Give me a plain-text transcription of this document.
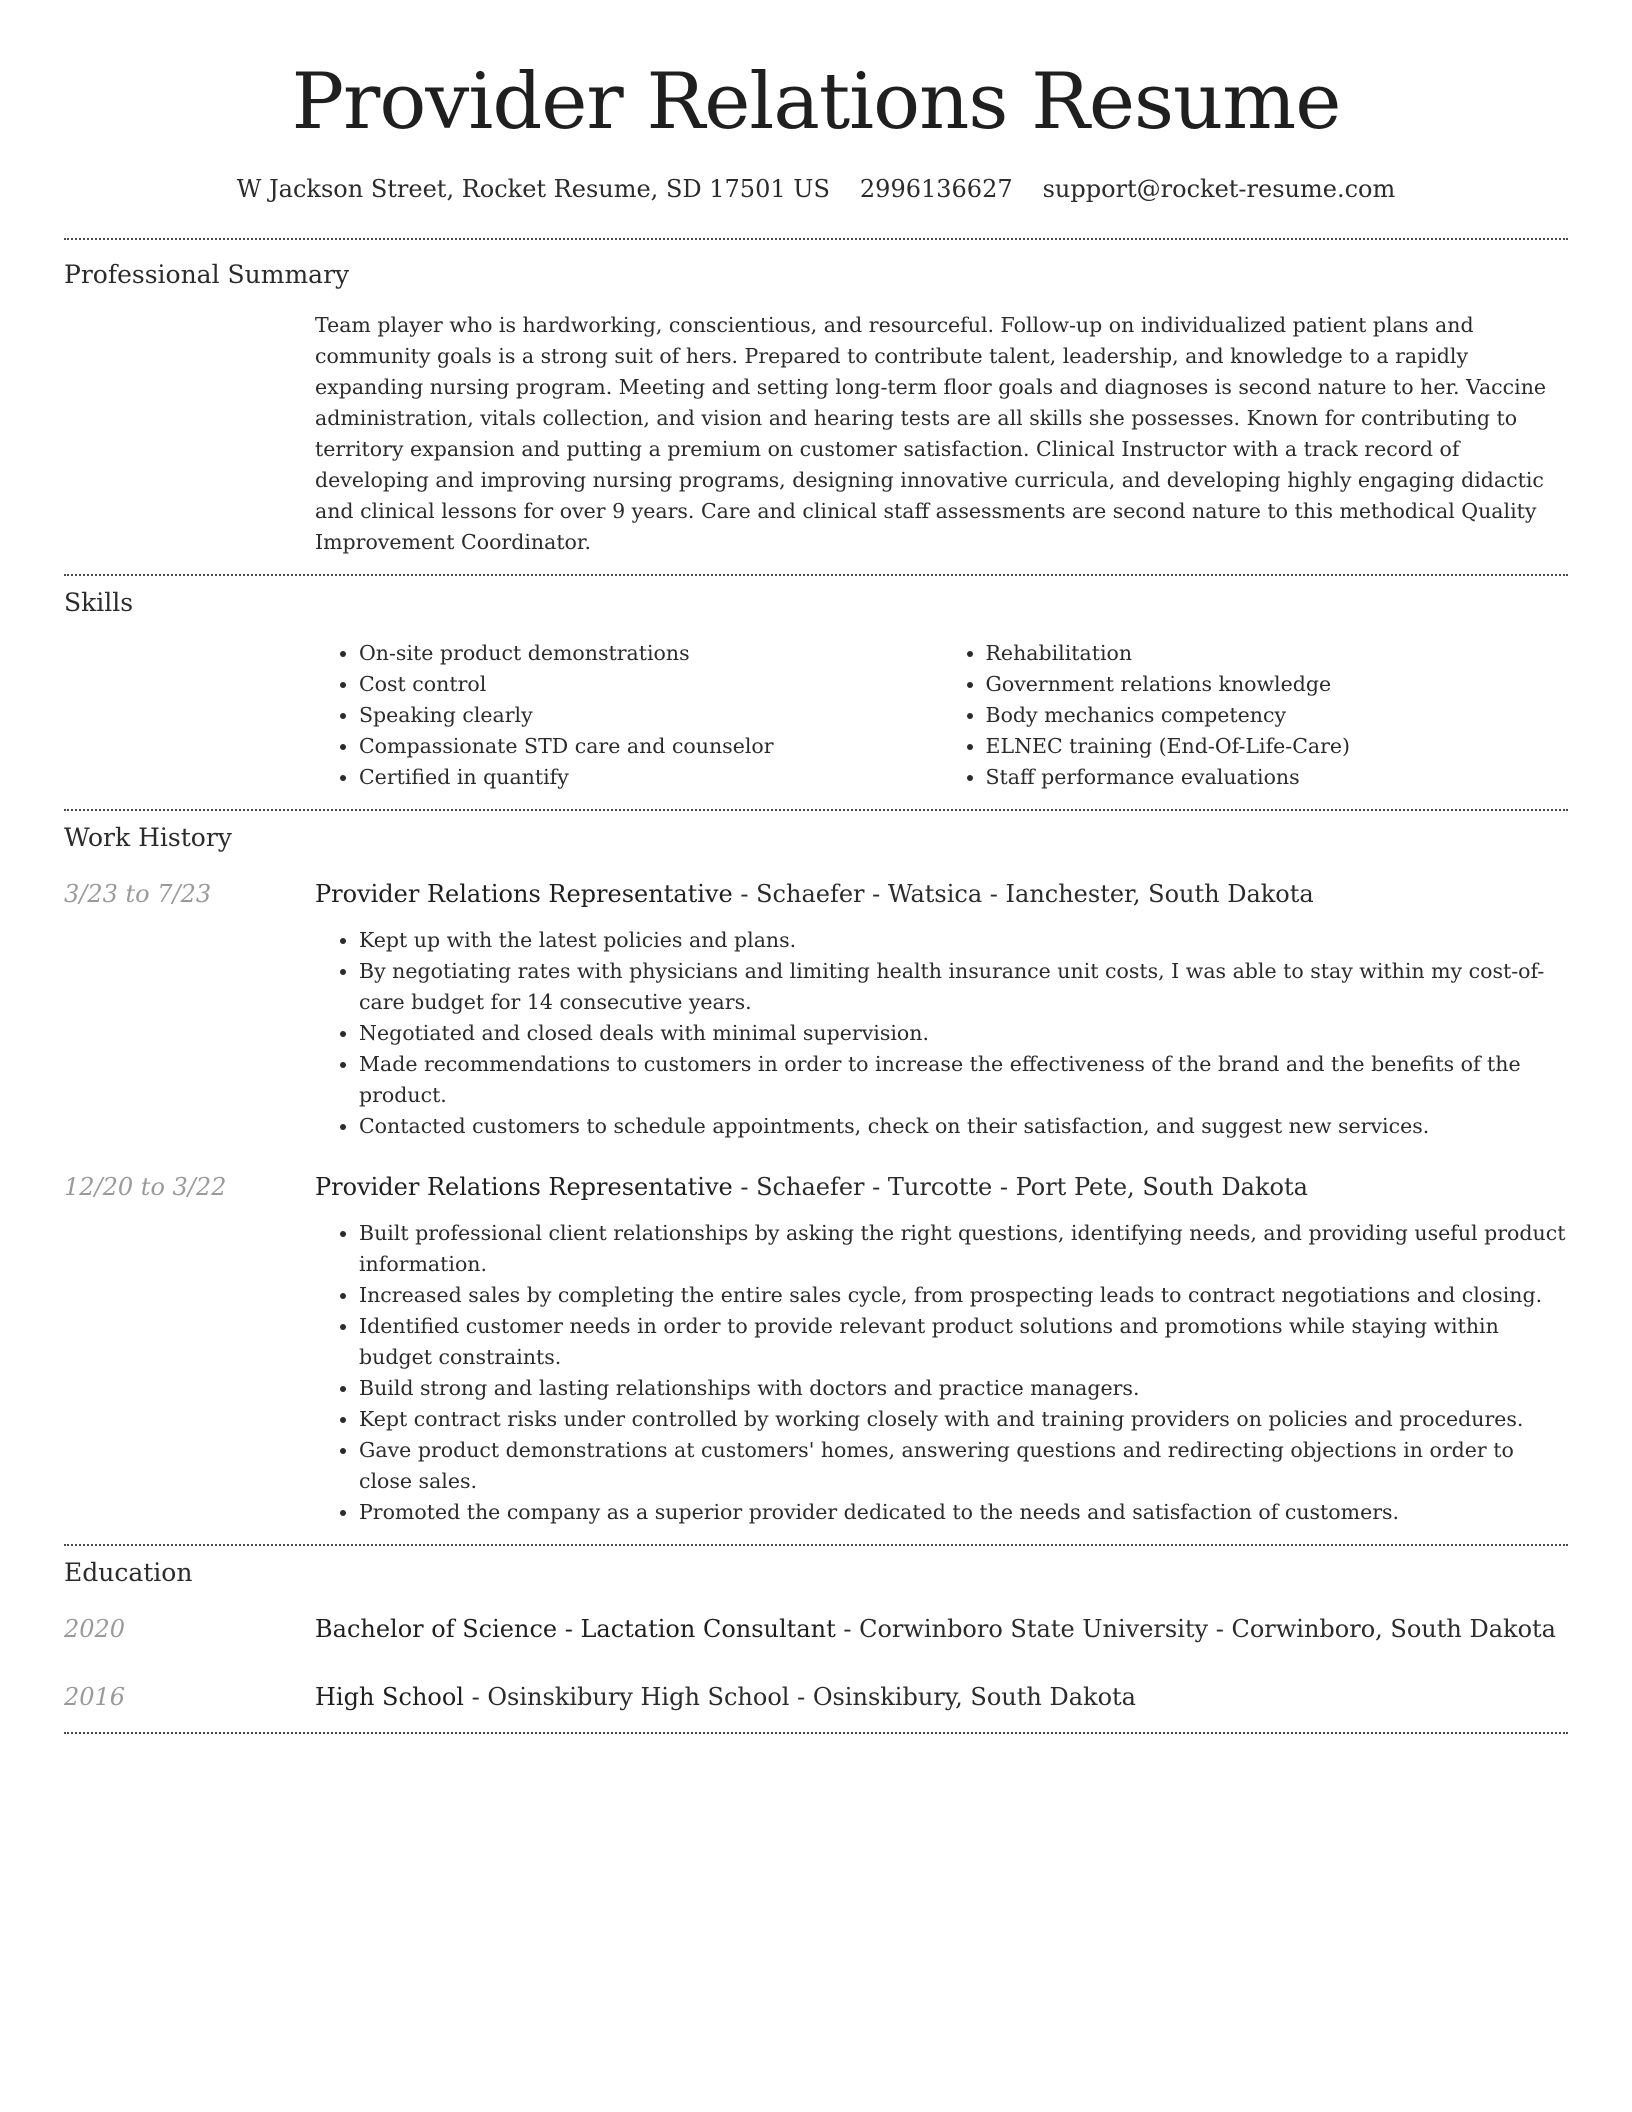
Provider Relations Resume
W Jackson Street, Rocket Resume, SD 17501 US 2996136627 support@rocket-resume.com
Professional Summary
Team player who is hardworking, conscientious, and resourceful. Follow-up on individualized patient plans and community goals is a strong suit of hers. Prepared to contribute talent, leadership, and knowledge to a rapidly expanding nursing program. Meeting and setting long-term floor goals and diagnoses is second nature to her. Vaccine administration, vitals collection, and vision and hearing tests are all skills she possesses. Known for contributing to territory expansion and putting a premium on customer satisfaction. Clinical Instructor with a track record of developing and improving nursing programs, designing innovative curricula, and developing highly engaging didactic and clinical lessons for over 9 years. Care and clinical staff assessments are second nature to this methodical Quality Improvement Coordinator.
Skills
• On-site product demonstrations
• Cost control
• Speaking clearly
• Compassionate STD care and counselor
• Certified in quantify
• Rehabilitation
• Government relations knowledge
• Body mechanics competency
• ELNEC training (End-Of-Life-Care)
• Staff performance evaluations
Work History
3/23 to 7/23	Provider Relations Representative - Schaefer - Watsica - Ianchester, South Dakota
• Kept up with the latest policies and plans.
• By negotiating rates with physicians and limiting health insurance unit costs, I was able to stay within my cost-of-care budget for 14 consecutive years.
• Negotiated and closed deals with minimal supervision.
• Made recommendations to customers in order to increase the effectiveness of the brand and the benefits of the product.
• Contacted customers to schedule appointments, check on their satisfaction, and suggest new services.
12/20 to 3/22	Provider Relations Representative - Schaefer - Turcotte - Port Pete, South Dakota
• Built professional client relationships by asking the right questions, identifying needs, and providing useful product information.
• Increased sales by completing the entire sales cycle, from prospecting leads to contract negotiations and closing.
• Identified customer needs in order to provide relevant product solutions and promotions while staying within budget constraints.
• Build strong and lasting relationships with doctors and practice managers.
• Kept contract risks under controlled by working closely with and training providers on policies and procedures.
• Gave product demonstrations at customers' homes, answering questions and redirecting objections in order to close sales.
• Promoted the company as a superior provider dedicated to the needs and satisfaction of customers.
Education
2020	Bachelor of Science - Lactation Consultant - Corwinboro State University - Corwinboro, South Dakota
2016	High School - Osinskibury High School - Osinskibury, South Dakota
